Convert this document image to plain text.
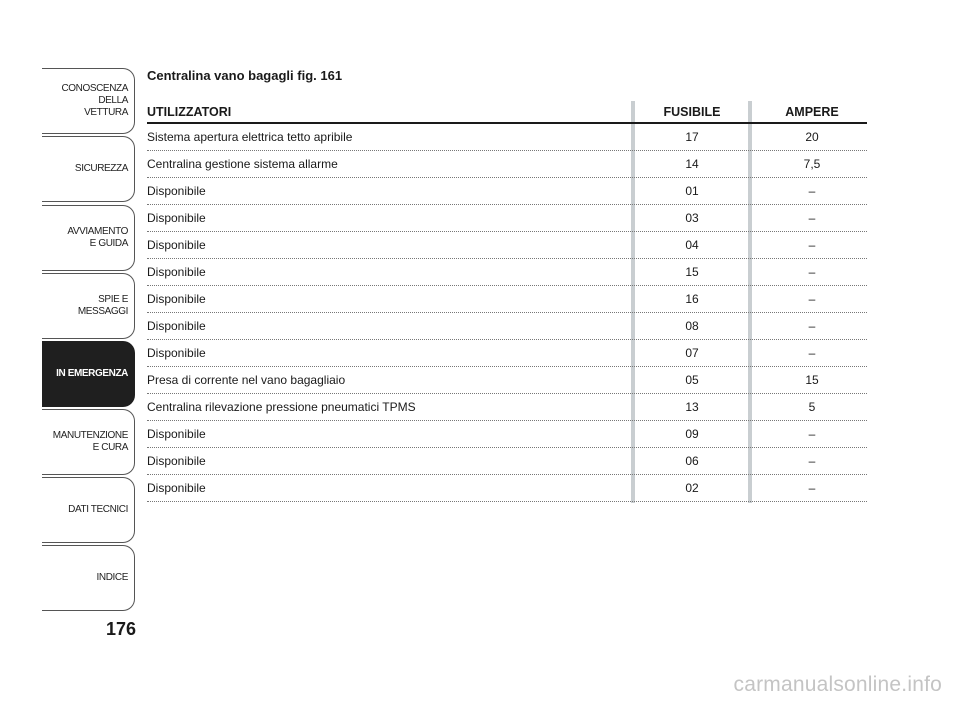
CONOSCENZA
DELLA
VETTURA
SICUREZZA
AVVIAMENTO
E GUIDA
SPIE E
MESSAGGI
IN EMERGENZA
MANUTENZIONE
E CURA
DATI TECNICI
INDICE
176
Centralina vano bagagli fig. 161
UTILIZZATORI	FUSIBILE	AMPERE
Sistema apertura elettrica tetto apribile	17	20
Centralina gestione sistema allarme	14	7,5
Disponibile	01	–
Disponibile	03	–
Disponibile	04	–
Disponibile	15	–
Disponibile	16	–
Disponibile	08	–
Disponibile	07	–
Presa di corrente nel vano bagagliaio	05	15
Centralina rilevazione pressione pneumatici TPMS	13	5
Disponibile	09	–
Disponibile	06	–
Disponibile	02	–
carmanualsonline.info
